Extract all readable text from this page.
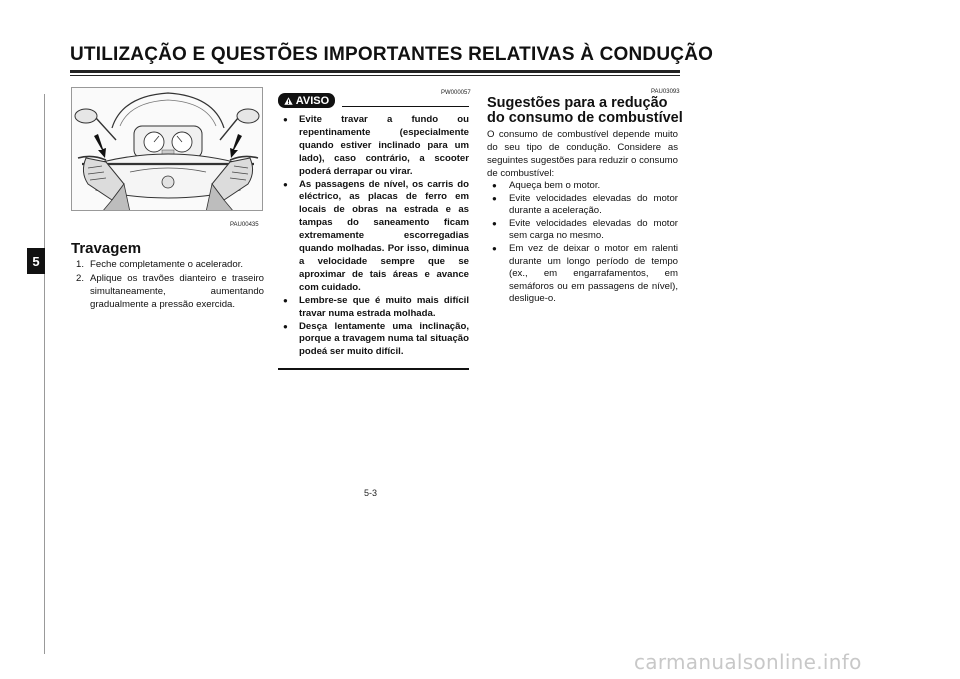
UTILIZAÇÃO E QUESTÕES IMPORTANTES RELATIVAS À CONDUÇÃO
5
PAU00435
Travagem
1. Feche completamente o acelerador.
2. Aplique os travões dianteiro e traseiro simultaneamente, aumentando gradualmente a pressão exercida.
PW000057
AVISO
●	Evite travar a fundo ou repentinamente (especialmente quando estiver inclinado para um lado), caso contrário, a scooter poderá derrapar ou virar.
●	As passagens de nível, os carris do eléctrico, as placas de ferro em locais de obras na estrada e as tampas do saneamento ficam extremamente escorregadias quando molhadas. Por isso, diminua a velocidade sempre que se aproximar de tais áreas e avance com cuidado.
●	Lembre-se que é muito mais difícil travar numa estrada molhada.
●	Desça lentamente uma inclinação, porque a travagem numa tal situação podeá ser muito difícil.
PAU03093
Sugestões para a redução do consumo de combustível
O consumo de combustível depende muito do seu tipo de condução. Considere as seguintes sugestões para reduzir o consumo de combustível:
●	Aqueça bem o motor.
●	Evite velocidades elevadas do motor durante a aceleração.
●	Evite velocidades elevadas do motor sem carga no mesmo.
●	Em vez de deixar o motor em ralenti durante um longo período de tempo (ex., em engarrafamentos, em semáforos ou em passagens de nível), desligue-o.
5-3
carmanualsonline.info
